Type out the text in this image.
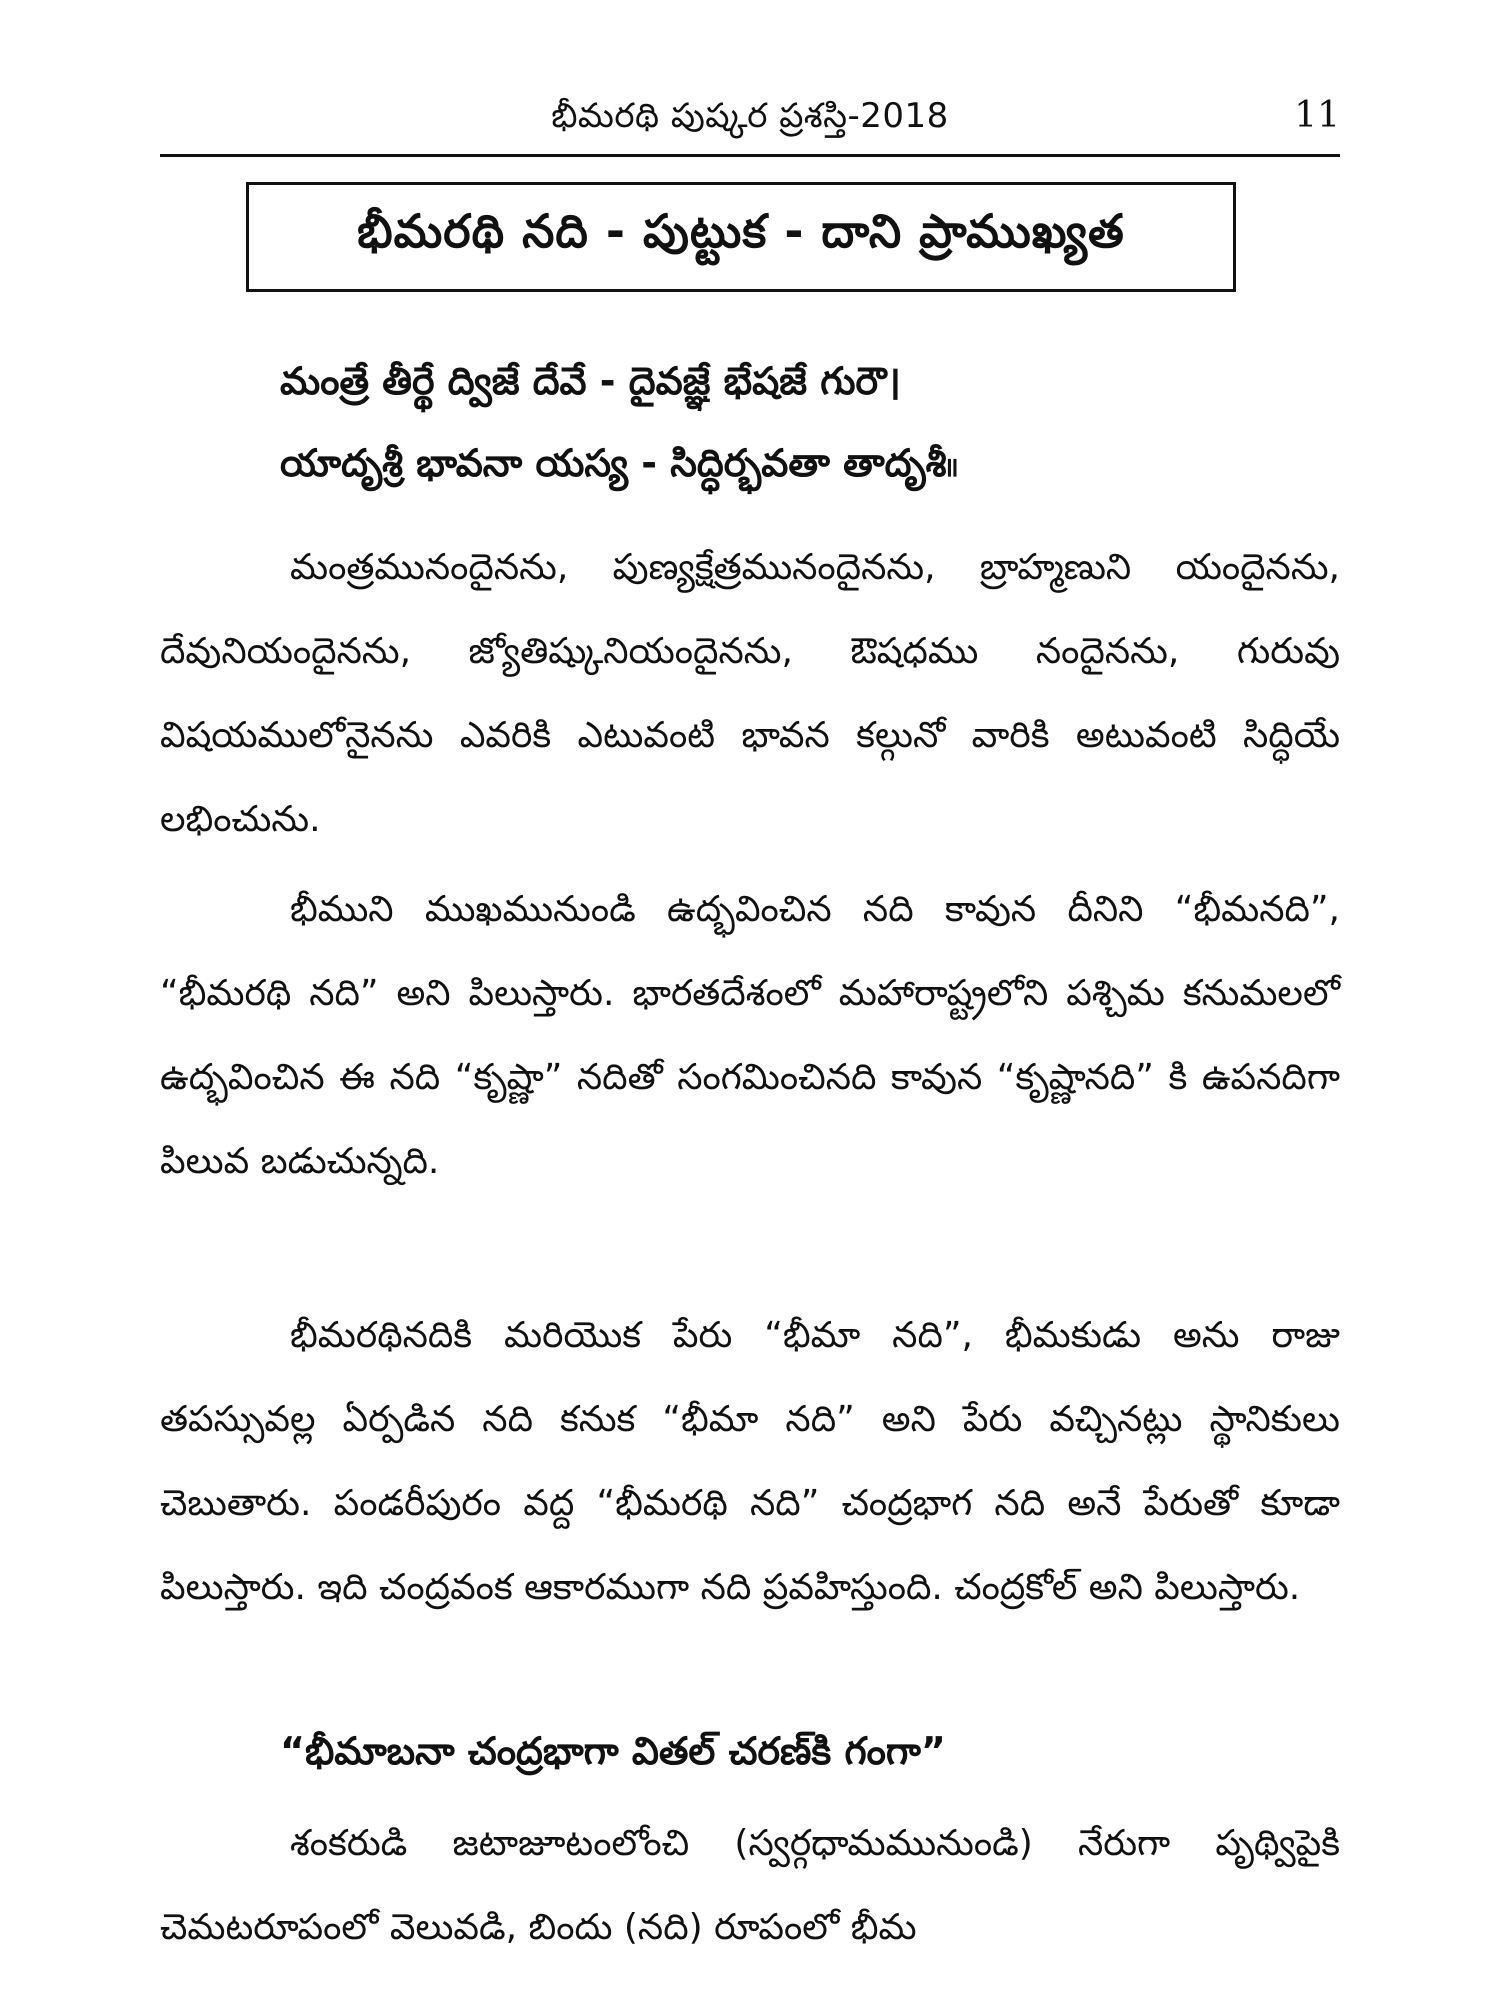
భీమరథి పుష్కర ప్రశస్తి-2018	11
భీమరథి నది - పుట్టుక - దాని ప్రాముఖ్యత
మంత్రే తీర్థే ద్విజే దేవే - దైవజ్ఞే భేషజే గురౌ।
యాదృశ్రీ భావనా యస్య - సిద్ధిర్భవతా తాదృశీ။

మంత్రమునందైనను, పుణ్యక్షేత్రమునందైనను, బ్రాహ్మణుని యందైనను, దేవునియందైనను, జ్యోతిష్కునియందైనను, ఔషధము నందైనను, గురువు విషయములోనైనను ఎవరికి ఎటువంటి భావన కల్గునో వారికి అటువంటి సిద్ధియే లభించును.

భీముని ముఖమునుండి ఉద్భవించిన నది కావున దీనిని “భీమనది”, “భీమరథి నది” అని పిలుస్తారు. భారతదేశంలో మహారాష్ట్రలోని పశ్చిమ కనుమలలో ఉద్భవించిన ఈ నది “కృష్ణా” నదితో సంగమించినది కావున “కృష్ణానది” కి ఉపనదిగా పిలువ బడుచున్నది.

భీమరథినదికి మరియొక పేరు “భీమా నది”, భీమకుడు అను రాజు తపస్సువల్ల ఏర్పడిన నది కనుక “భీమా నది” అని పేరు వచ్చినట్లు స్థానికులు చెబుతారు. పండరీపురం వద్ద “భీమరథి నది” చంద్రభాగ నది అనే పేరుతో కూడా పిలుస్తారు. ఇది చంద్రవంక ఆకారముగా నది ప్రవహిస్తుంది. చంద్రకోల్ అని పిలుస్తారు.

“భీమాబనా చంద్రభాగా వితల్ చరణ్‌కి గంగా”

శంకరుడి జటాజూటంలోంచి (స్వర్గధామమునుండి) నేరుగా పృథ్విపైకి చెమటరూపంలో వెలువడి, బిందు (నది) రూపంలో భీమ
